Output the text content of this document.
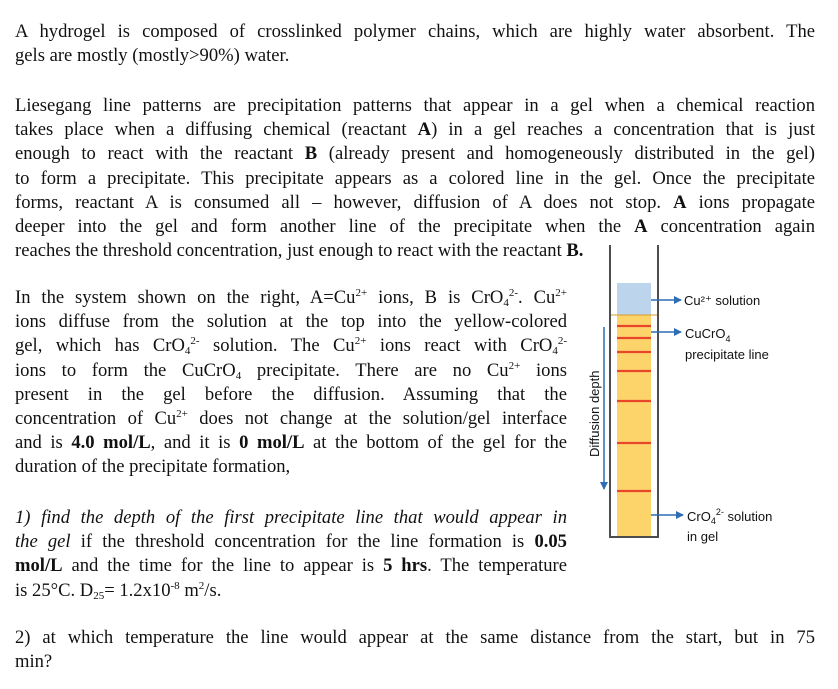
A hydrogel is composed of crosslinked polymer chains, which are highly water absorbent. The
gels are mostly (mostly>90%) water.
Liesegang line patterns are precipitation patterns that appear in a gel when a chemical reaction
takes place when a diffusing chemical (reactant A) in a gel reaches a concentration that is just
enough to react with the reactant B (already present and homogeneously distributed in the gel)
to form a precipitate. This precipitate appears as a colored line in the gel. Once the precipitate
forms, reactant A is consumed all – however, diffusion of A does not stop. A ions propagate
deeper into the gel and form another line of the precipitate when the A concentration again
reaches the threshold concentration, just enough to react with the reactant B.
In the system shown on the right, $A=Cu^{2+}$ ions, B is CrO$_4^{2-}$. $Cu^{2+}$
ions diffuse from the solution at the top into the yellow-colored
gel, which has CrO$_4^{2-}$ solution. The $Cu^{2+}$ ions react with CrO$_4^{2-}$
ions to form the CuCrO$_4$ precipitate. There are no $Cu^{2+}$ ions
present in the gel before the diffusion. Assuming that the
concentration of $Cu^{2+}$ does not change at the solution/gel interface
and is 4.0 mol/L, and it is 0 mol/L at the bottom of the gel for the
duration of the precipitate formation,
1) find the depth of the first precipitate line that would appear in
the gel if the threshold concentration for the line formation is 0.05
mol/L and the time for the line to appear is 5 hrs. The temperature
is 25°C. $D_{25}= 1.2x10^{-8}$ $m^2/s$.
2) at which temperature the line would appear at the same distance from the start, but in 75
min?
Diffusion depth
Cu²⁺ solution
CuCrO$_4$
precipitate line
CrO$_4^{2-}$ solution
in gel
